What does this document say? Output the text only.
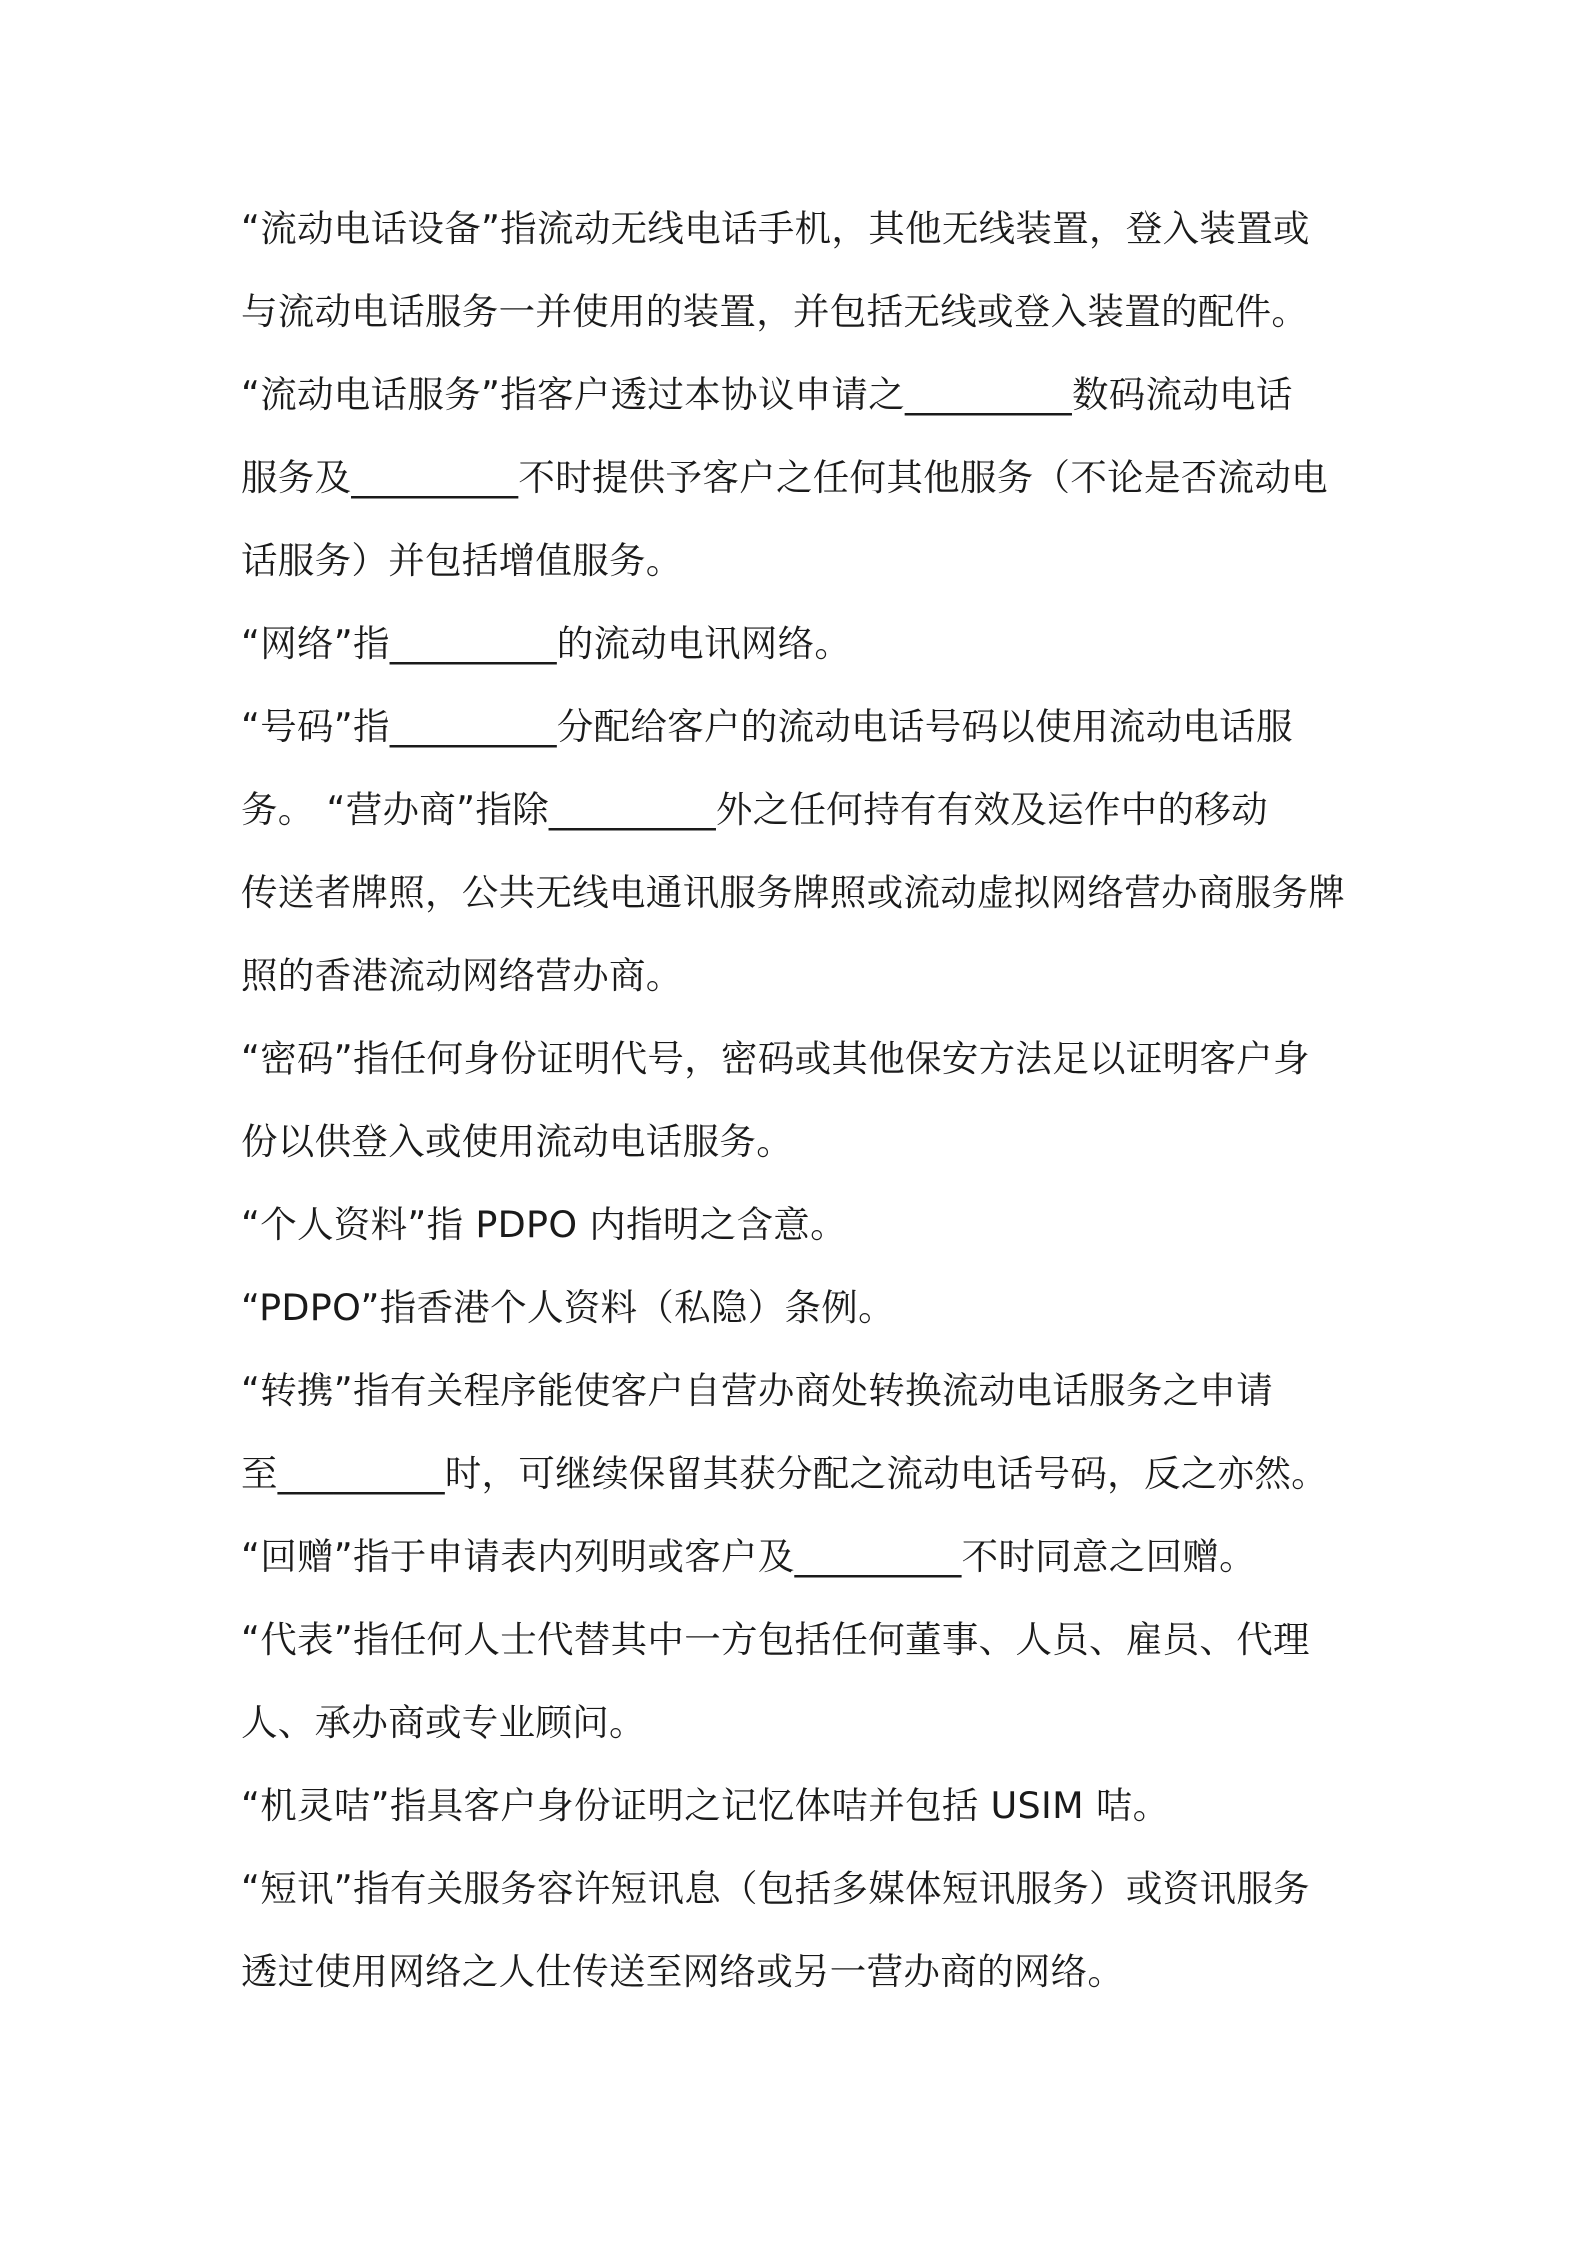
“流动电话设备”指流动无线电话手机，其他无线装置，登入装置或
与流动电话服务一并使用的装置，并包括无线或登入装置的配件。
“流动电话服务”指客户透过本协议申请之_________数码流动电话
服务及_________不时提供予客户之任何其他服务（不论是否流动电
话服务）并包括增值服务。
“网络”指_________的流动电讯网络。
“号码”指_________分配给客户的流动电话号码以使用流动电话服
务。 “营办商”指除_________外之任何持有有效及运作中的移动
传送者牌照，公共无线电通讯服务牌照或流动虚拟网络营办商服务牌
照的香港流动网络营办商。
“密码”指任何身份证明代号，密码或其他保安方法足以证明客户身
份以供登入或使用流动电话服务。
“个人资料”指 PDPO 内指明之含意。
“PDPO”指香港个人资料（私隐）条例。
“转携”指有关程序能使客户自营办商处转换流动电话服务之申请
至_________时，可继续保留其获分配之流动电话号码，反之亦然。
“回赠”指于申请表内列明或客户及_________不时同意之回赠。
“代表”指任何人士代替其中一方包括任何董事、人员、雇员、代理
人、承办商或专业顾问。
“机灵咭”指具客户身份证明之记忆体咭并包括 USIM 咭。
“短讯”指有关服务容许短讯息（包括多媒体短讯服务）或资讯服务
透过使用网络之人仕传送至网络或另一营办商的网络。
